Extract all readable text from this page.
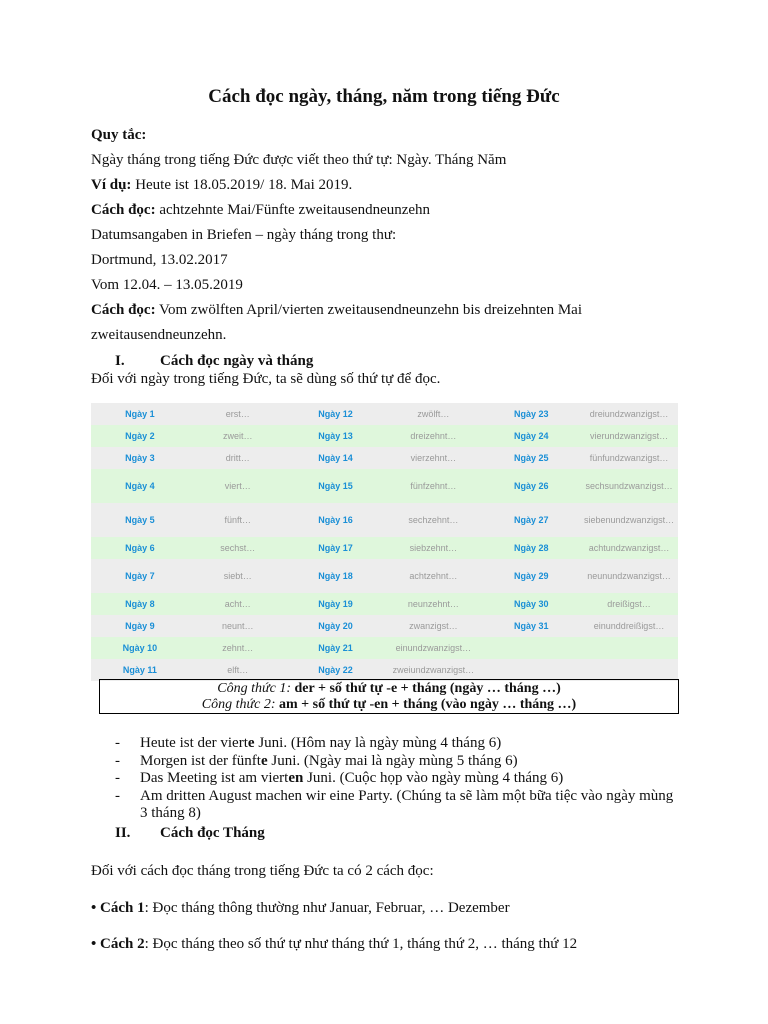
Cách đọc ngày, tháng, năm trong tiếng Đức
Quy tắc:
Ngày tháng trong tiếng Đức được viết theo thứ tự: Ngày. Tháng Năm
Ví dụ: Heute ist 18.05.2019/ 18. Mai 2019.
Cách đọc: achtzehnte Mai/Fünfte zweitausendneunzehn
Datumsangaben in Briefen – ngày tháng trong thư:
Dortmund, 13.02.2017
Vom 12.04. – 13.05.2019
Cách đọc: Vom zwölften April/vierten zweitausendneunzehn bis dreizehnten Mai
zweitausendneunzehn.
I. Cách đọc ngày và tháng
Đối với ngày trong tiếng Đức, ta sẽ dùng số thứ tự để đọc.
Ngày 1	erst…	Ngày 12	zwölft…	Ngày 23	dreiundzwanzigst…
Ngày 2	zweit…	Ngày 13	dreizehnt…	Ngày 24	vierundzwanzigst…
Ngày 3	dritt…	Ngày 14	vierzehnt…	Ngày 25	fünfundzwanzigst…
Ngày 4	viert…	Ngày 15	fünfzehnt…	Ngày 26	sechsundzwanzigst…
Ngày 5	fünft…	Ngày 16	sechzehnt…	Ngày 27	siebenundzwanzigst…
Ngày 6	sechst…	Ngày 17	siebzehnt…	Ngày 28	achtundzwanzigst…
Ngày 7	siebt…	Ngày 18	achtzehnt…	Ngày 29	neunundzwanzigst…
Ngày 8	acht…	Ngày 19	neunzehnt…	Ngày 30	dreißigst…
Ngày 9	neunt…	Ngày 20	zwanzigst…	Ngày 31	einunddreißigst…
Ngày 10	zehnt…	Ngày 21	einundzwanzigst…
Ngày 11	elft…	Ngày 22	zweiundzwanzigst…
Công thức 1: der + số thứ tự -e + tháng (ngày … tháng …)
Công thức 2: am + số thứ tự -en + tháng (vào ngày … tháng …)
- Heute ist der vierte Juni. (Hôm nay là ngày mùng 4 tháng 6)
- Morgen ist der fünfte Juni. (Ngày mai là ngày mùng 5 tháng 6)
- Das Meeting ist am vierten Juni. (Cuộc họp vào ngày mùng 4 tháng 6)
- Am dritten August machen wir eine Party. (Chúng ta sẽ làm một bữa tiệc vào ngày mùng 3 tháng 8)
II. Cách đọc Tháng
Đối với cách đọc tháng trong tiếng Đức ta có 2 cách đọc:
• Cách 1: Đọc tháng thông thường như Januar, Februar, … Dezember
• Cách 2: Đọc tháng theo số thứ tự như tháng thứ 1, tháng thứ 2, … tháng thứ 12
